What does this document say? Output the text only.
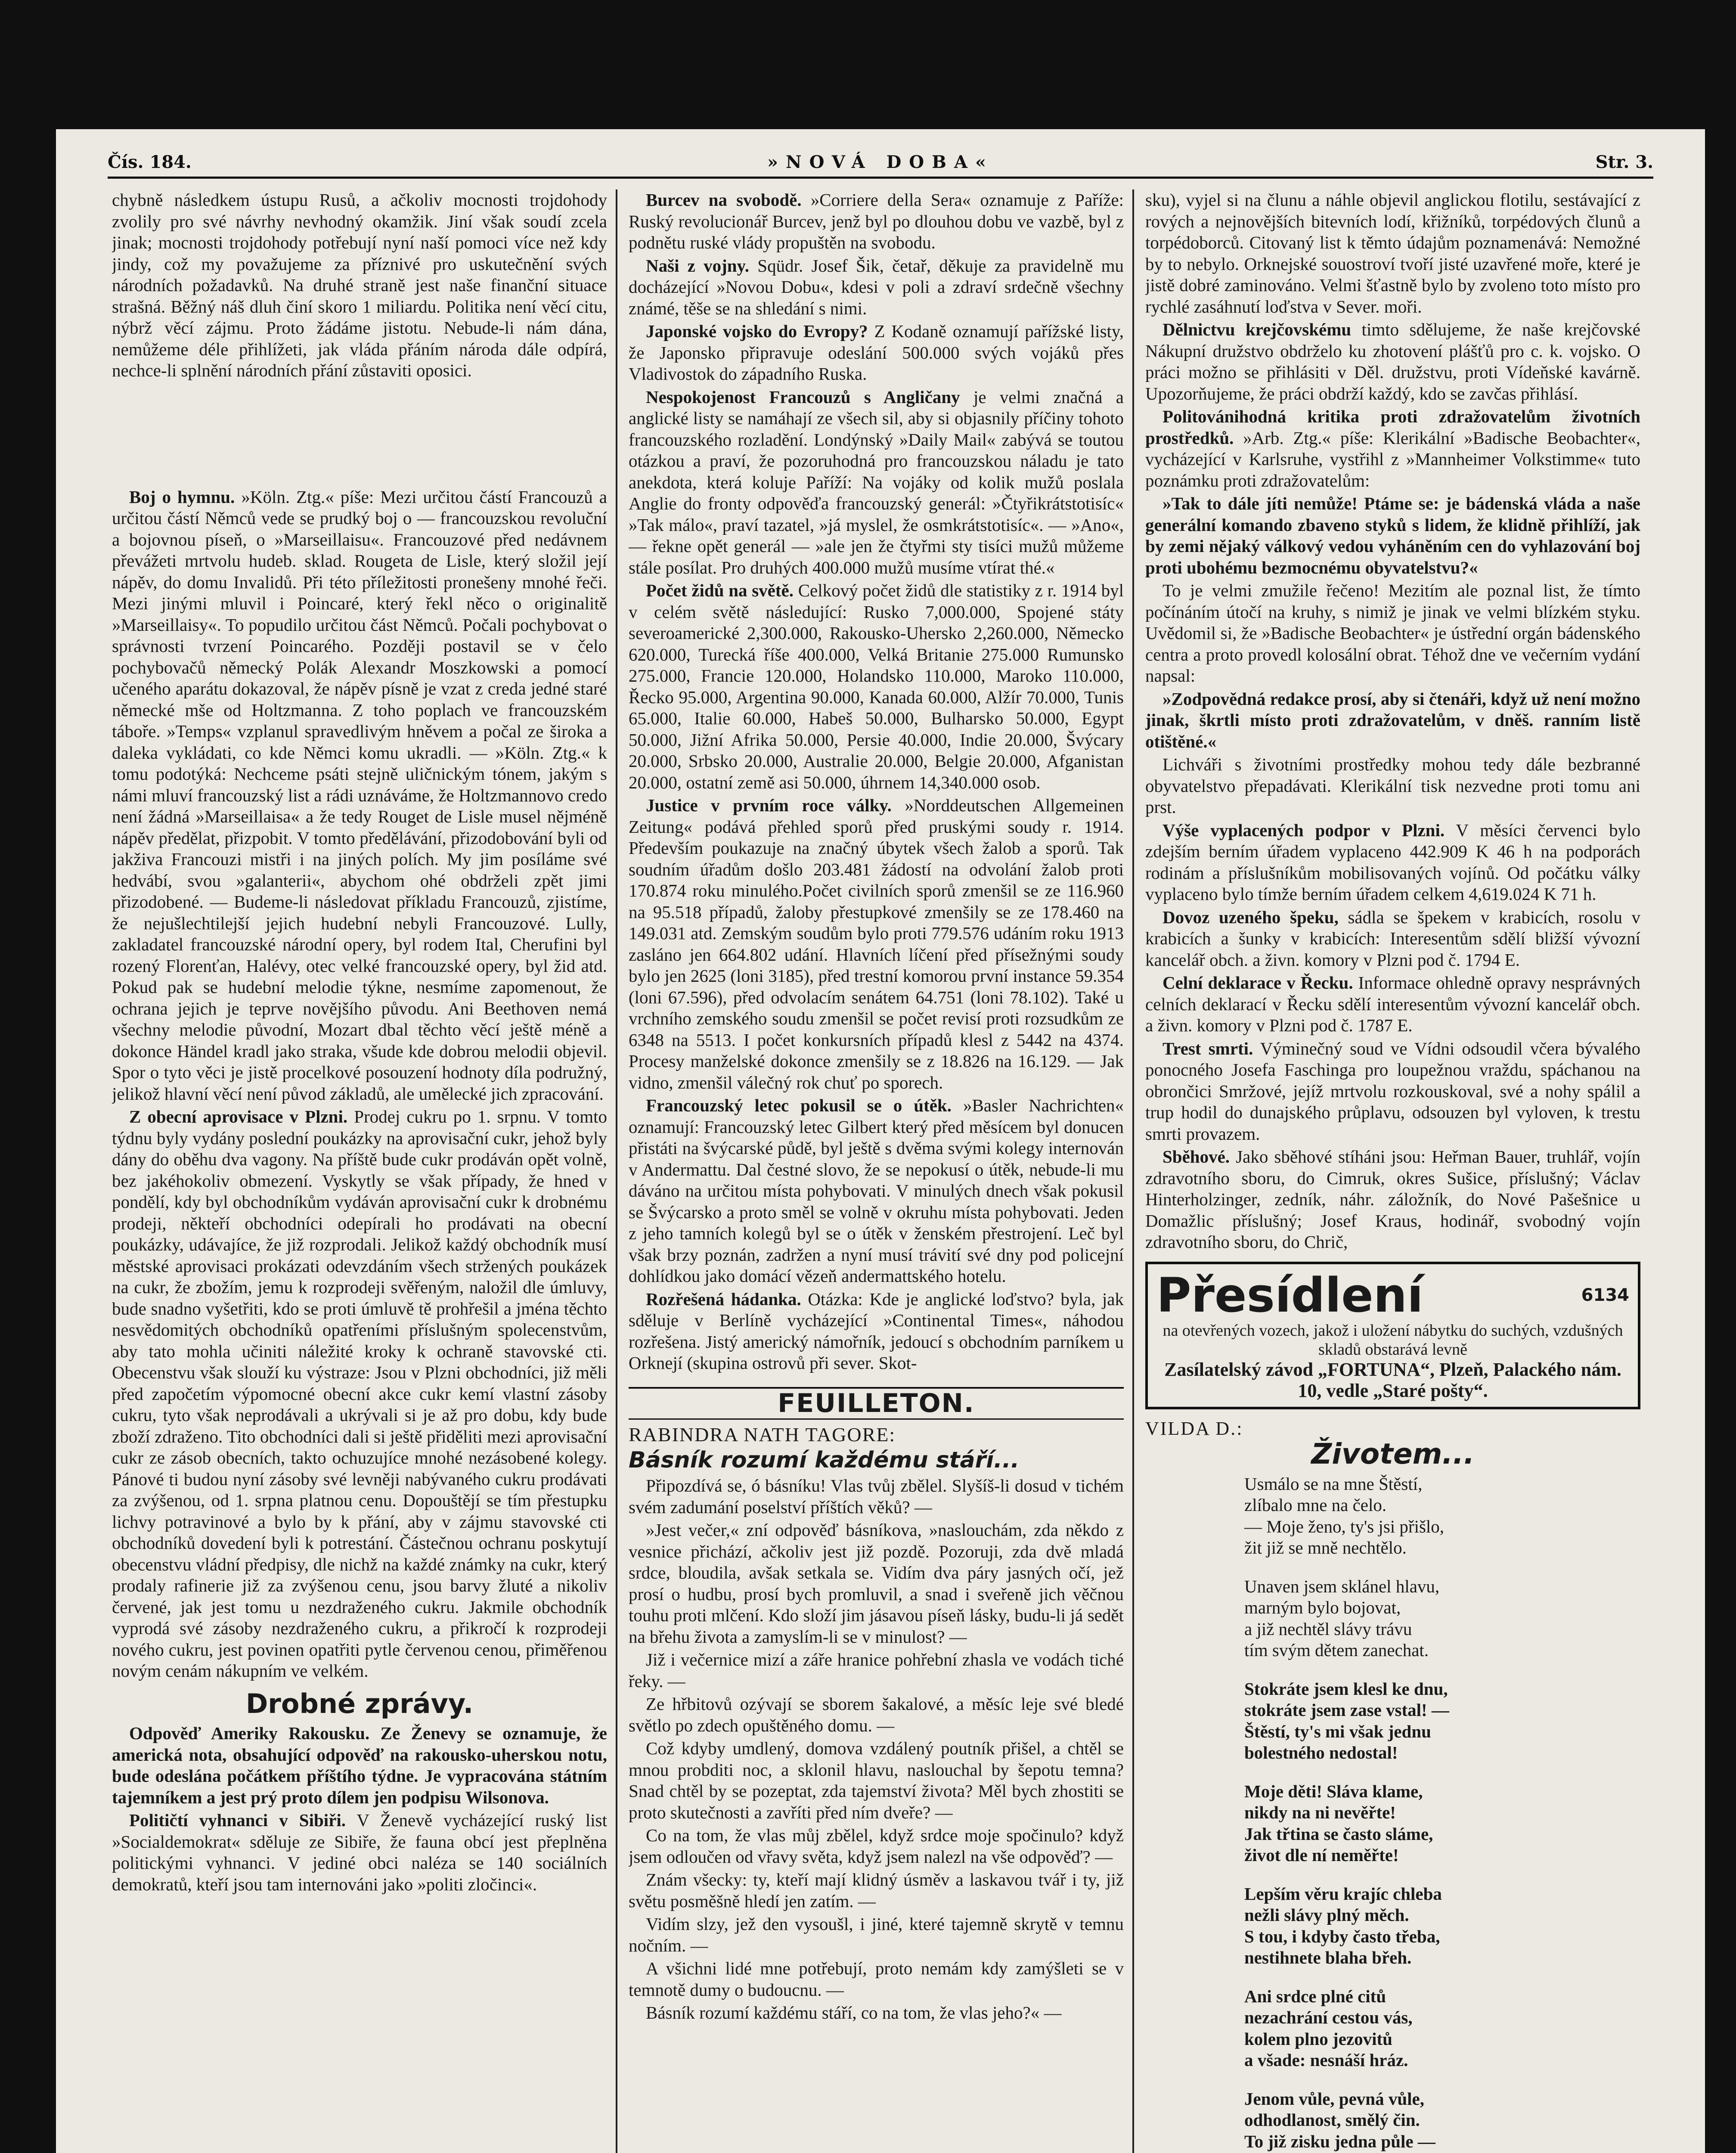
Čís. 184.	»NOVÁ DOBA«	Str. 3.

chybně následkem ústupu Rusů, a ačkoliv mocnosti trojdohody zvolily pro své návrhy nevhodný okamžik. Jiní však soudí zcela jinak; mocnosti trojdohody potřebují nyní naší pomoci více než kdy jindy, což my považujeme za příznivé pro uskutečnění svých národních požadavků. Na druhé straně jest naše finanční situace strašná. Běžný náš dluh činí skoro 1 miliardu. Politika není věcí citu, nýbrž věcí zájmu. Proto žádáme jistotu. Nebude-li nám dána, nemůžeme déle přihlížeti, jak vláda přáním národa dále odpírá, nechce-li splnění národních přání zůstaviti oposici.

Boj o hymnu. »Köln. Ztg.« píše: Mezi určitou částí Francouzů a určitou částí Němců vede se prudký boj o — francouzskou revoluční a bojovnou píseň, o »Marseillaisu«. Francouzové před nedávnem převážeti mrtvolu hudeb. sklad. Rougeta de Lisle, který složil její nápěv, do domu Invalidů. Při této příležitosti pronešeny mnohé řeči. Mezi jinými mluvil i Poincaré, který řekl něco o originalitě »Marseillaisy«. To popudilo určitou část Němců. Počali pochybovat o správnosti tvrzení Poincarého. Později postavil se v čelo pochybovačů německý Polák Alexandr Moszkowski a pomocí učeného aparátu dokazoval, že nápěv písně je vzat z creda jedné staré německé mše od Holtzmanna. Z toho poplach ve francouzském táboře. »Temps« vzplanul spravedlivým hněvem a počal ze široka a daleka vykládati, co kde Němci komu ukradli. — »Köln. Ztg.« k tomu podotýká: Nechceme psáti stejně uličnickým tónem, jakým s námi mluví francouzský list a rádi uznáváme, že Holtzmannovo credo není žádná »Marseillaisa« a že tedy Rouget de Lisle musel nějméně nápěv předělat, přizpobit. V tomto předělávání, přizodobování byli od jakživa Francouzi mistři i na jiných polích. My jim posíláme své hedvábí, svou »galanterii«, abychom ohé obdrželi zpět jimi přizodobené. — Budeme-li následovat příkladu Francouzů, zjistíme, že nejušlechtilejší jejich hudební nebyli Francouzové. Lully, zakladatel francouzské národní opery, byl rodem Ital, Cherufini byl rozený Florenťan, Halévy, otec velké francouzské opery, byl žid atd. Pokud pak se hudební melodie týkne, nesmíme zapomenout, že ochrana jejich je teprve novějšího původu. Ani Beethoven nemá všechny melodie původní, Mozart dbal těchto věcí ještě méně a dokonce Händel kradl jako straka, všude kde dobrou melodii objevil. Spor o tyto věci je jistě procelkové posouzení hodnoty díla podružný, jelikož hlavní věcí není původ základů, ale umělecké jich zpracování.

Z obecní aprovisace v Plzni. Prodej cukru po 1. srpnu. V tomto týdnu byly vydány poslední poukázky na aprovisační cukr, jehož byly dány do oběhu dva vagony. Na příště bude cukr prodáván opět volně, bez jakéhokoliv obmezení. Vyskytly se však případy, že hned v pondělí, kdy byl obchodníkům vydáván aprovisační cukr k drobnému prodeji, někteří obchodníci odepírali ho prodávati na obecní poukázky, udávajíce, že již rozprodali. Jelikož každý obchodník musí městské aprovisaci prokázati odevzdáním všech stržených poukázek na cukr, že zbožím, jemu k rozprodeji svěřeným, naložil dle úmluvy, bude snadno vyšetřiti, kdo se proti úmluvě tě prohřešil a jména těchto nesvědomitých obchodníků opatřeními příslušným spolecenstvům, aby tato mohla učiniti náležité kroky k ochraně stavovské cti. Obecenstvu však slouží ku výstraze: Jsou v Plzni obchodníci, již měli před započetím výpomocné obecní akce cukr kemí vlastní zásoby cukru, tyto však neprodávali a ukrývali si je až pro dobu, kdy bude zboží zdraženo. Tito obchodníci dali si ještě přiděliti mezi aprovisační cukr ze zásob obecních, takto ochuzujíce mnohé nezásobené kolegy. Pánové ti budou nyní zásoby své levněji nabývaného cukru prodávati za zvýšenou, od 1. srpna platnou cenu. Dopouštějí se tím přestupku lichvy potravinové a bylo by k přání, aby v zájmu stavovské cti obchodníků dovedení byli k potrestání. Částečnou ochranu poskytují obecenstvu vládní předpisy, dle nichž na každé známky na cukr, který prodaly rafinerie již za zvýšenou cenu, jsou barvy žluté a nikoliv červené, jak jest tomu u nezdraženého cukru. Jakmile obchodník vyprodá své zásoby nezdraženého cukru, a přikročí k rozprodeji nového cukru, jest povinen opatřiti pytle červenou cenou, přiměřenou novým cenám nákupním ve velkém.

Drobné zprávy.

Odpověď Ameriky Rakousku. Ze Ženevy se oznamuje, že americká nota, obsahující odpověď na rakousko-uherskou notu, bude odeslána počátkem příštího týdne. Je vypracována státním tajemníkem a jest prý proto dílem jen podpisu Wilsonova.

Političtí vyhnanci v Sibiři. V Ženevě vycházející ruský list »Socialdemokrat« sděluje ze Sibiře, že fauna obcí jest přeplněna politickými vyhnanci. V jediné obci naléza se 140 sociálních demokratů, kteří jsou tam internováni jako »politi zločinci«.

Burcev na svobodě. »Corriere della Sera« oznamuje z Paříže: Ruský revolucionář Burcev, jenž byl po dlouhou dobu ve vazbě, byl z podnětu ruské vlády propuštěn na svobodu.

Naši z vojny. Sqüdr. Josef Šik, četař, děkuje za pravidelně mu docházející »Novou Dobu«, kdesi v poli a zdraví srdečně všechny známé, těše se na shledání s nimi.

Japonské vojsko do Evropy? Z Kodaně oznamují pařížské listy, že Japonsko připravuje odeslání 500.000 svých vojáků přes Vladivostok do západního Ruska.

Nespokojenost Francouzů s Angličany je velmi značná a anglické listy se namáhají ze všech sil, aby si objasnily příčiny tohoto francouzského rozladění. Londýnský »Daily Mail« zabývá se toutou otázkou a praví, že pozoruhodná pro francouzskou náladu je tato anekdota, která koluje Paříží: Na vojáky od kolik mužů poslala Anglie do fronty odpověďa francouzský generál: »Čtyřikrátstotisíc« »Tak málo«, praví tazatel, »já myslel, že osmkrátstotisíc«. — »Ano«, — řekne opět generál — »ale jen že čtyřmi sty tisíci mužů můžeme stále posílat. Pro druhých 400.000 mužů musíme vtírat thé.«

Počet židů na světě. Celkový počet židů dle statistiky z r. 1914 byl v celém světě následující: Rusko 7,000.000, Spojené státy severoamerické 2,300.000, Rakousko-Uhersko 2,260.000, Německo 620.000, Turecká říše 400.000, Velká Britanie 275.000 Rumunsko 275.000, Francie 120.000, Holandsko 110.000, Maroko 110.000, Řecko 95.000, Argentina 90.000, Kanada 60.000, Alžír 70.000, Tunis 65.000, Italie 60.000, Habeš 50.000, Bulharsko 50.000, Egypt 50.000, Jižní Afrika 50.000, Persie 40.000, Indie 20.000, Švýcary 20.000, Srbsko 20.000, Australie 20.000, Belgie 20.000, Afganistan 20.000, ostatní země asi 50.000, úhrnem 14,340.000 osob.

Justice v prvním roce války. »Norddeutschen Allgemeinen Zeitung« podává přehled sporů před pruskými soudy r. 1914. Především poukazuje na značný úbytek všech žalob a sporů. Tak soudním úřadům došlo 203.481 žádostí na odvolání žalob proti 170.874 roku minulého.Počet civilních sporů zmenšil se ze 116.960 na 95.518 případů, žaloby přestupkové zmenšily se ze 178.460 na 149.031 atd. Zemským soudům bylo proti 779.576 udáním roku 1913 zasláno jen 664.802 udání. Hlavních líčení před přísežnými soudy bylo jen 2625 (loni 3185), před trestní komorou první instance 59.354 (loni 67.596), před odvolacím senátem 64.751 (loni 78.102). Také u vrchního zemského soudu zmenšil se počet revisí proti rozsudkům ze 6348 na 5513. I počet konkursních případů klesl z 5442 na 4374. Procesy manželské dokonce zmenšily se z 18.826 na 16.129. — Jak vidno, zmenšil válečný rok chuť po sporech.

Francouzský letec pokusil se o útěk. »Basler Nachrichten« oznamují: Francouzský letec Gilbert který před měsícem byl donucen přistáti na švýcarské půdě, byl ještě s dvěma svými kolegy internován v Andermattu. Dal čestné slovo, že se nepokusí o útěk, nebude-li mu dáváno na určitou místa pohybovati. V minulých dnech však pokusil se Švýcarsko a proto směl se volně v okruhu místa pohybovati. Jeden z jeho tamních kolegů byl se o útěk v ženském přestrojení. Leč byl však brzy poznán, zadržen a nyní musí trávití své dny pod policejní dohlídkou jako domácí vězeň andermattského hotelu.

Rozřešená hádanka. Otázka: Kde je anglické loďstvo? byla, jak sděluje v Berlíně vycházející »Continental Times«, náhodou rozřešena. Jistý americký námořník, jedoucí s obchodním parníkem u Orknejí (skupina ostrovů při sever. Skot-

FEUILLETON.
RABINDRA NATH TAGORE:
Básník rozumí každému stáří...

Připozdívá se, ó básníku! Vlas tvůj zbělel. Slyšíš-li dosud v tichém svém zadumání poselství příštích věků? —

»Jest večer,« zní odpověď básníkova, »naslouchám, zda někdo z vesnice přichází, ačkoliv jest již pozdě. Pozoruji, zda dvě mladá srdce, bloudila, avšak setkala se. Vidím dva páry jasných očí, jež prosí o hudbu, prosí bych promluvil, a snad i sveřeně jich věčnou touhu proti mlčení. Kdo složí jim jásavou píseň lásky, budu-li já sedět na břehu života a zamyslím-li se v minulost? —

Již i večernice mizí a záře hranice pohřební zhasla ve vodách tiché řeky. —

Ze hřbitovů ozývají se sborem šakalové, a měsíc leje své bledé světlo po zdech opuštěného domu. —

Což kdyby umdlený, domova vzdálený poutník přišel, a chtěl se mnou probditi noc, a sklonil hlavu, naslouchal by šepotu temna? Snad chtěl by se pozeptat, zda tajemství života? Měl bych zhostiti se proto skutečnosti a zavříti před ním dveře? —

Co na tom, že vlas můj zbělel, když srdce moje spočinulo? když jsem odloučen od vřavy světa, když jsem nalezl na vše odpověď? —

Znám všecky: ty, kteří mají klidný úsměv a laskavou tvář i ty, již světu posměšně hledí jen zatím. —

Vidím slzy, jež den vysoušl, i jiné, které tajemně skrytě v temnu nočním. —

A všichni lidé mne potřebují, proto nemám kdy zamýšleti se v temnotě dumy o budoucnu. —

Básník rozumí každému stáří, co na tom, že vlas jeho?« —

sku), vyjel si na člunu a náhle objevil anglickou flotilu, sestávající z rových a nejnovějších bitevních lodí, křižníků, torpédových člunů a torpédoborců. Citovaný list k těmto údajům poznamenává: Nemožné by to nebylo. Orknejské souostroví tvoří jisté uzavřené moře, které je jistě dobré zaminováno. Velmi šťastně bylo by zvoleno toto místo pro rychlé zasáhnutí loďstva v Sever. moři.

Dělnictvu krejčovskému timto sdělujeme, že naše krejčovské Nákupní družstvo obdrželo ku zhotovení plášťů pro c. k. vojsko. O práci možno se přihlásiti v Děl. družstvu, proti Vídeňské kavárně. Upozorňujeme, že práci obdrží každý, kdo se zavčas přihlásí.

Politovánihodná kritika proti zdražovatelům životních prostředků. »Arb. Ztg.« píše: Klerikální »Badische Beobachter«, vycházející v Karlsruhe, vystřihl z »Mannheimer Volkstimme« tuto poznámku proti zdražovatelům:

»Tak to dále jíti nemůže! Ptáme se: je bádenská vláda a naše generální komando zbaveno styků s lidem, že klidně přihlíží, jak by zemi nějaký válkový vedou vyháněním cen do vyhlazování boj proti ubohému bezmocnému obyvatelstvu?«

To je velmi zmužile řečeno! Mezitím ale poznal list, že tímto počínáním útočí na kruhy, s nimiž je jinak ve velmi blízkém styku. Uvědomil si, že »Badische Beobachter« je ústřední orgán bádenského centra a proto provedl kolosální obrat. Téhož dne ve večerním vydání napsal:

»Zodpovědná redakce prosí, aby si čtenáři, když už není možno jinak, škrtli místo proti zdražovatelům, v dněš. ranním listě otištěné.«

Lichváři s životními prostředky mohou tedy dále bezbranné obyvatelstvo přepadávati. Klerikální tisk nezvedne proti tomu ani prst.

Výše vyplacených podpor v Plzni. V měsíci červenci bylo zdejším berním úřadem vyplaceno 442.909 K 46 h na podporách rodinám a příslušníkům mobilisovaných vojínů. Od počátku války vyplaceno bylo tímže berním úřadem celkem 4,619.024 K 71 h.

Dovoz uzeného špeku, sádla se špekem v krabicích, rosolu v krabicích a šunky v krabicích: Interesentům sdělí bližší vývozní kancelář obch. a živn. komory v Plzni pod č. 1794 E.

Celní deklarace v Řecku. Informace ohledně opravy nesprávných celních deklarací v Řecku sdělí interesentům vývozní kancelář obch. a živn. komory v Plzni pod č. 1787 E.

Trest smrti. Výminečný soud ve Vídni odsoudil včera bývalého ponocného Josefa Faschinga pro loupežnou vraždu, spáchanou na obrončici Smržové, jejíž mrtvolu rozkouskoval, své a nohy spálil a trup hodil do dunajského průplavu, odsouzen byl vyloven, k trestu smrti provazem.

Sběhové. Jako sběhové stíháni jsou: Heřman Bauer, truhlář, vojín zdravotního sboru, do Cimruk, okres Sušice, příslušný; Václav Hinterholzinger, zedník, náhr. záložník, do Nové Pašešnice u Domažlic příslušný; Josef Kraus, hodinář, svobodný vojín zdravotního sboru, do Chrič,

Přesídlení	6134
na otevřených vozech, jakož i uložení nábytku do suchých, vzdušných skladů obstarává levně
Zasílatelský závod „FORTUNA“, Plzeň, Palackého nám. 10, vedle „Staré pošty“.
VILDA D.:
Životem...
Usmálo se na mne Štěstí,
zlíbalo mne na čelo.
— Moje ženo, ty's jsi přišlo,
žit již se mně nechtělo.
Unaven jsem sklánel hlavu,
marným bylo bojovat,
a již nechtěl slávy trávu
tím svým dětem zanechat.
Stokráte jsem klesl ke dnu,
stokráte jsem zase vstal! —
Štěstí, ty's mi však jednu
bolestného nedostal!
Moje děti! Sláva klame,
nikdy na ni nevěřte!
Jak třtina se často sláme,
život dle ní neměřte!
Lepším věru krajíc chleba
nežli slávy plný měch.
S tou, i kdyby často třeba,
nestihnete blaha břeh.
Ani srdce plné citů
nezachrání cestou vás,
kolem plno jezovitů
a všade: nesnáší hráz.
Jenom vůle, pevná vůle,
odhodlanost, smělý čin.
To již zisku jedna půle —
